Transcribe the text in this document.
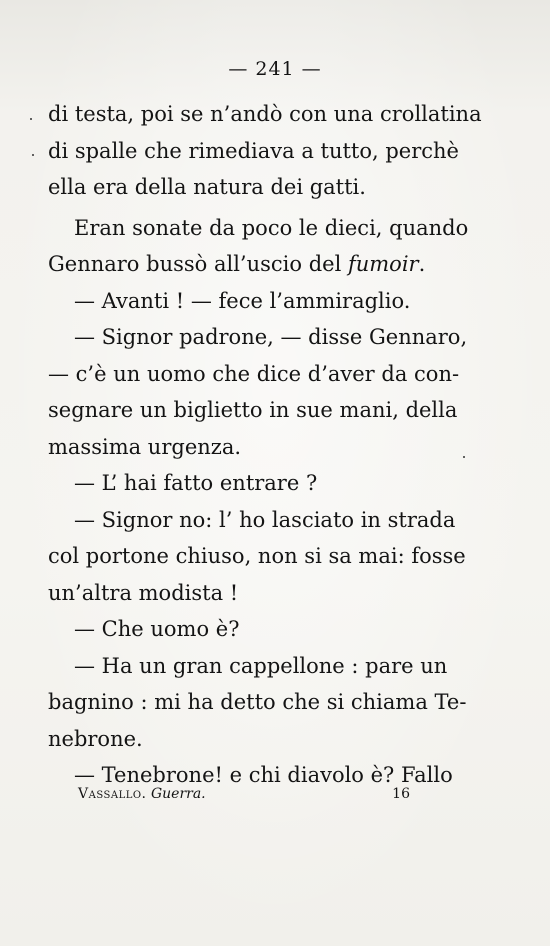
— 241 —
di testa, poi se n’andò con una crollatina
di spalle che rimediava a tutto, perchè
ella era della natura dei gatti.
Eran sonate da poco le dieci, quando
Gennaro bussò all’uscio del fumoir.
— Avanti ! — fece l’ammiraglio.
— Signor padrone, — disse Gennaro,
— c’è un uomo che dice d’aver da con-
segnare un biglietto in sue mani, della
massima urgenza.
— L’ hai fatto entrare ?
— Signor no: l’ ho lasciato in strada
col portone chiuso, non si sa mai: fosse
un’altra modista !
— Che uomo è?
— Ha un gran cappellone : pare un
bagnino : mi ha detto che si chiama Te-
nebrone.
— Tenebrone! e chi diavolo è? Fallo
Vassallo. Guerra.	16
